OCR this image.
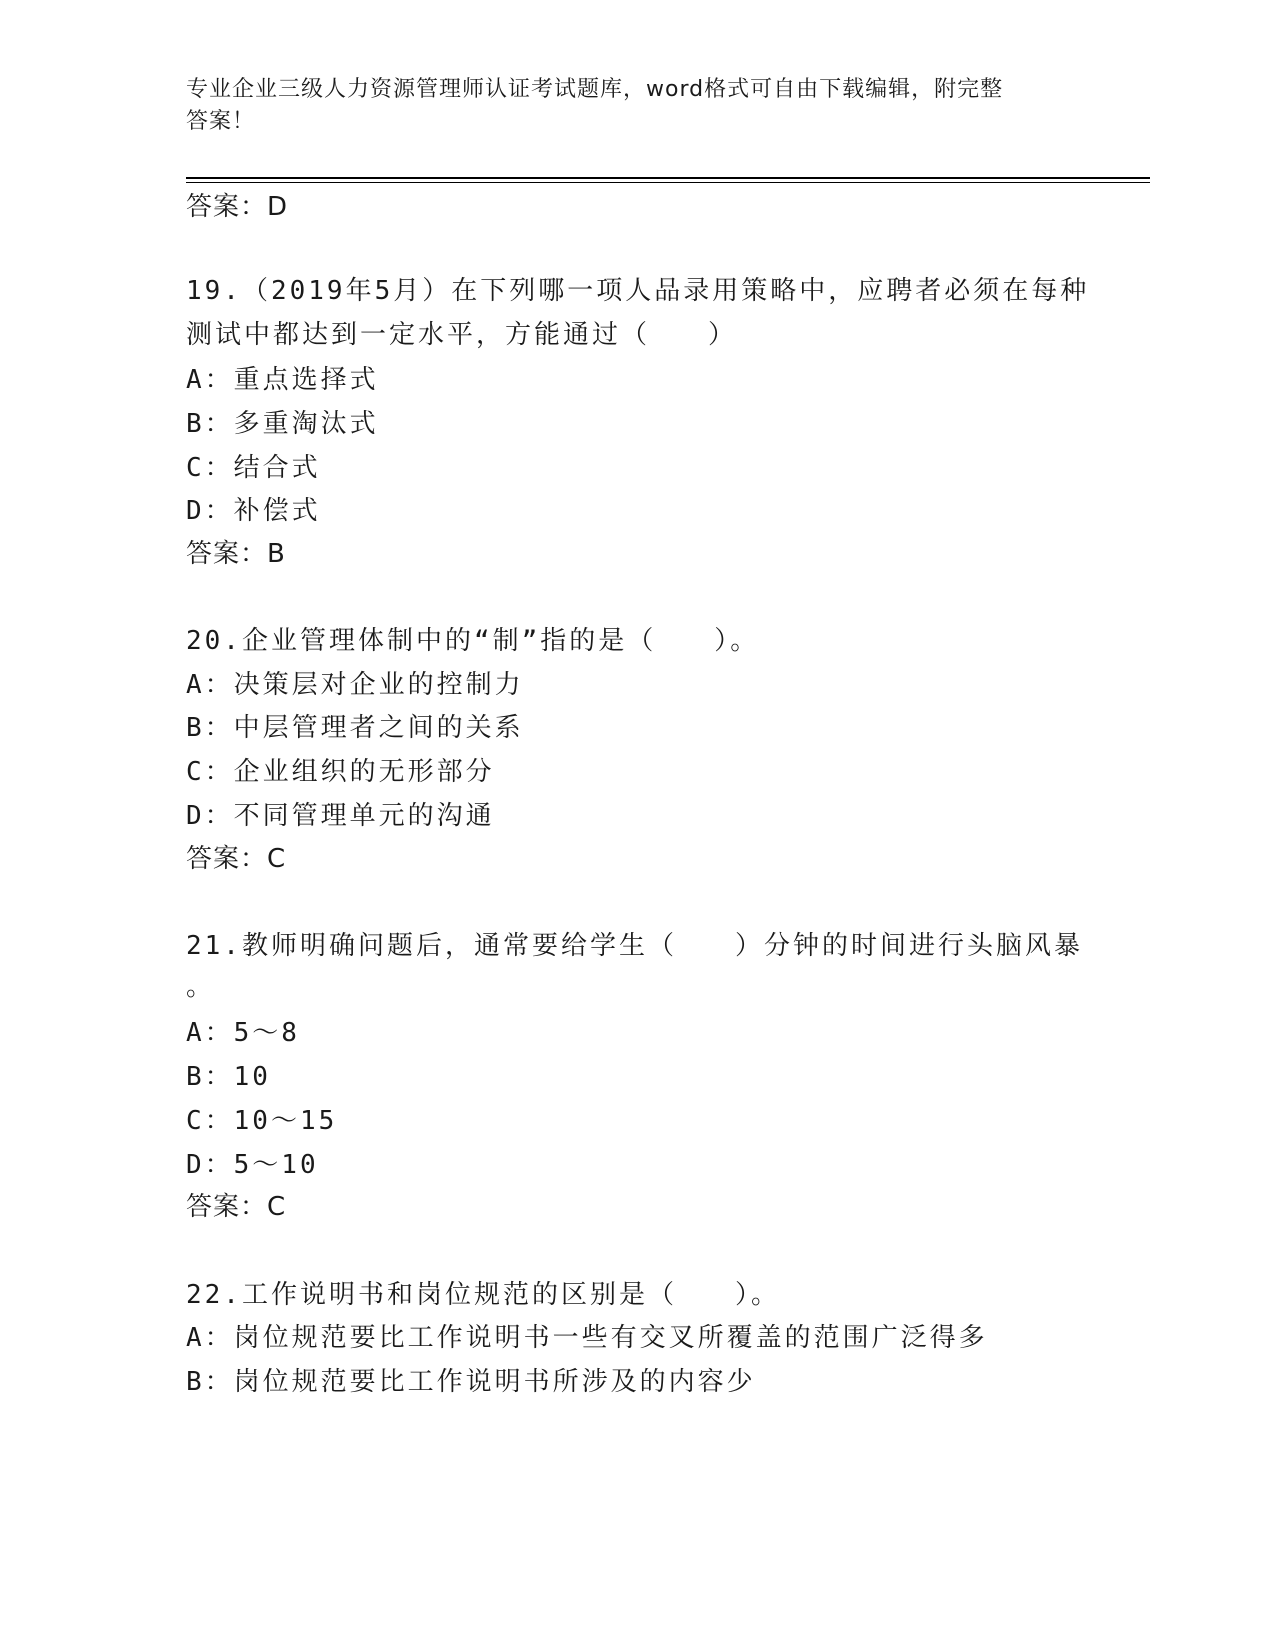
专业企业三级人力资源管理师认证考试题库，word格式可自由下载编辑，附完整
答案！
答案：D
19.（2019年5月）在下列哪一项人品录用策略中，应聘者必须在每种
测试中都达到一定水平，方能通过（　　）
A：重点选择式
B：多重淘汰式
C：结合式
D：补偿式
答案：B
20.企业管理体制中的“制”指的是（　　）。
A：决策层对企业的控制力
B：中层管理者之间的关系
C：企业组织的无形部分
D：不同管理单元的沟通
答案：C
21.教师明确问题后，通常要给学生（　　）分钟的时间进行头脑风暴
。
A：5～8
B：10
C：10～15
D：5～10
答案：C
22.工作说明书和岗位规范的区别是（　　）。
A：岗位规范要比工作说明书一些有交叉所覆盖的范围广泛得多
B：岗位规范要比工作说明书所涉及的内容少
